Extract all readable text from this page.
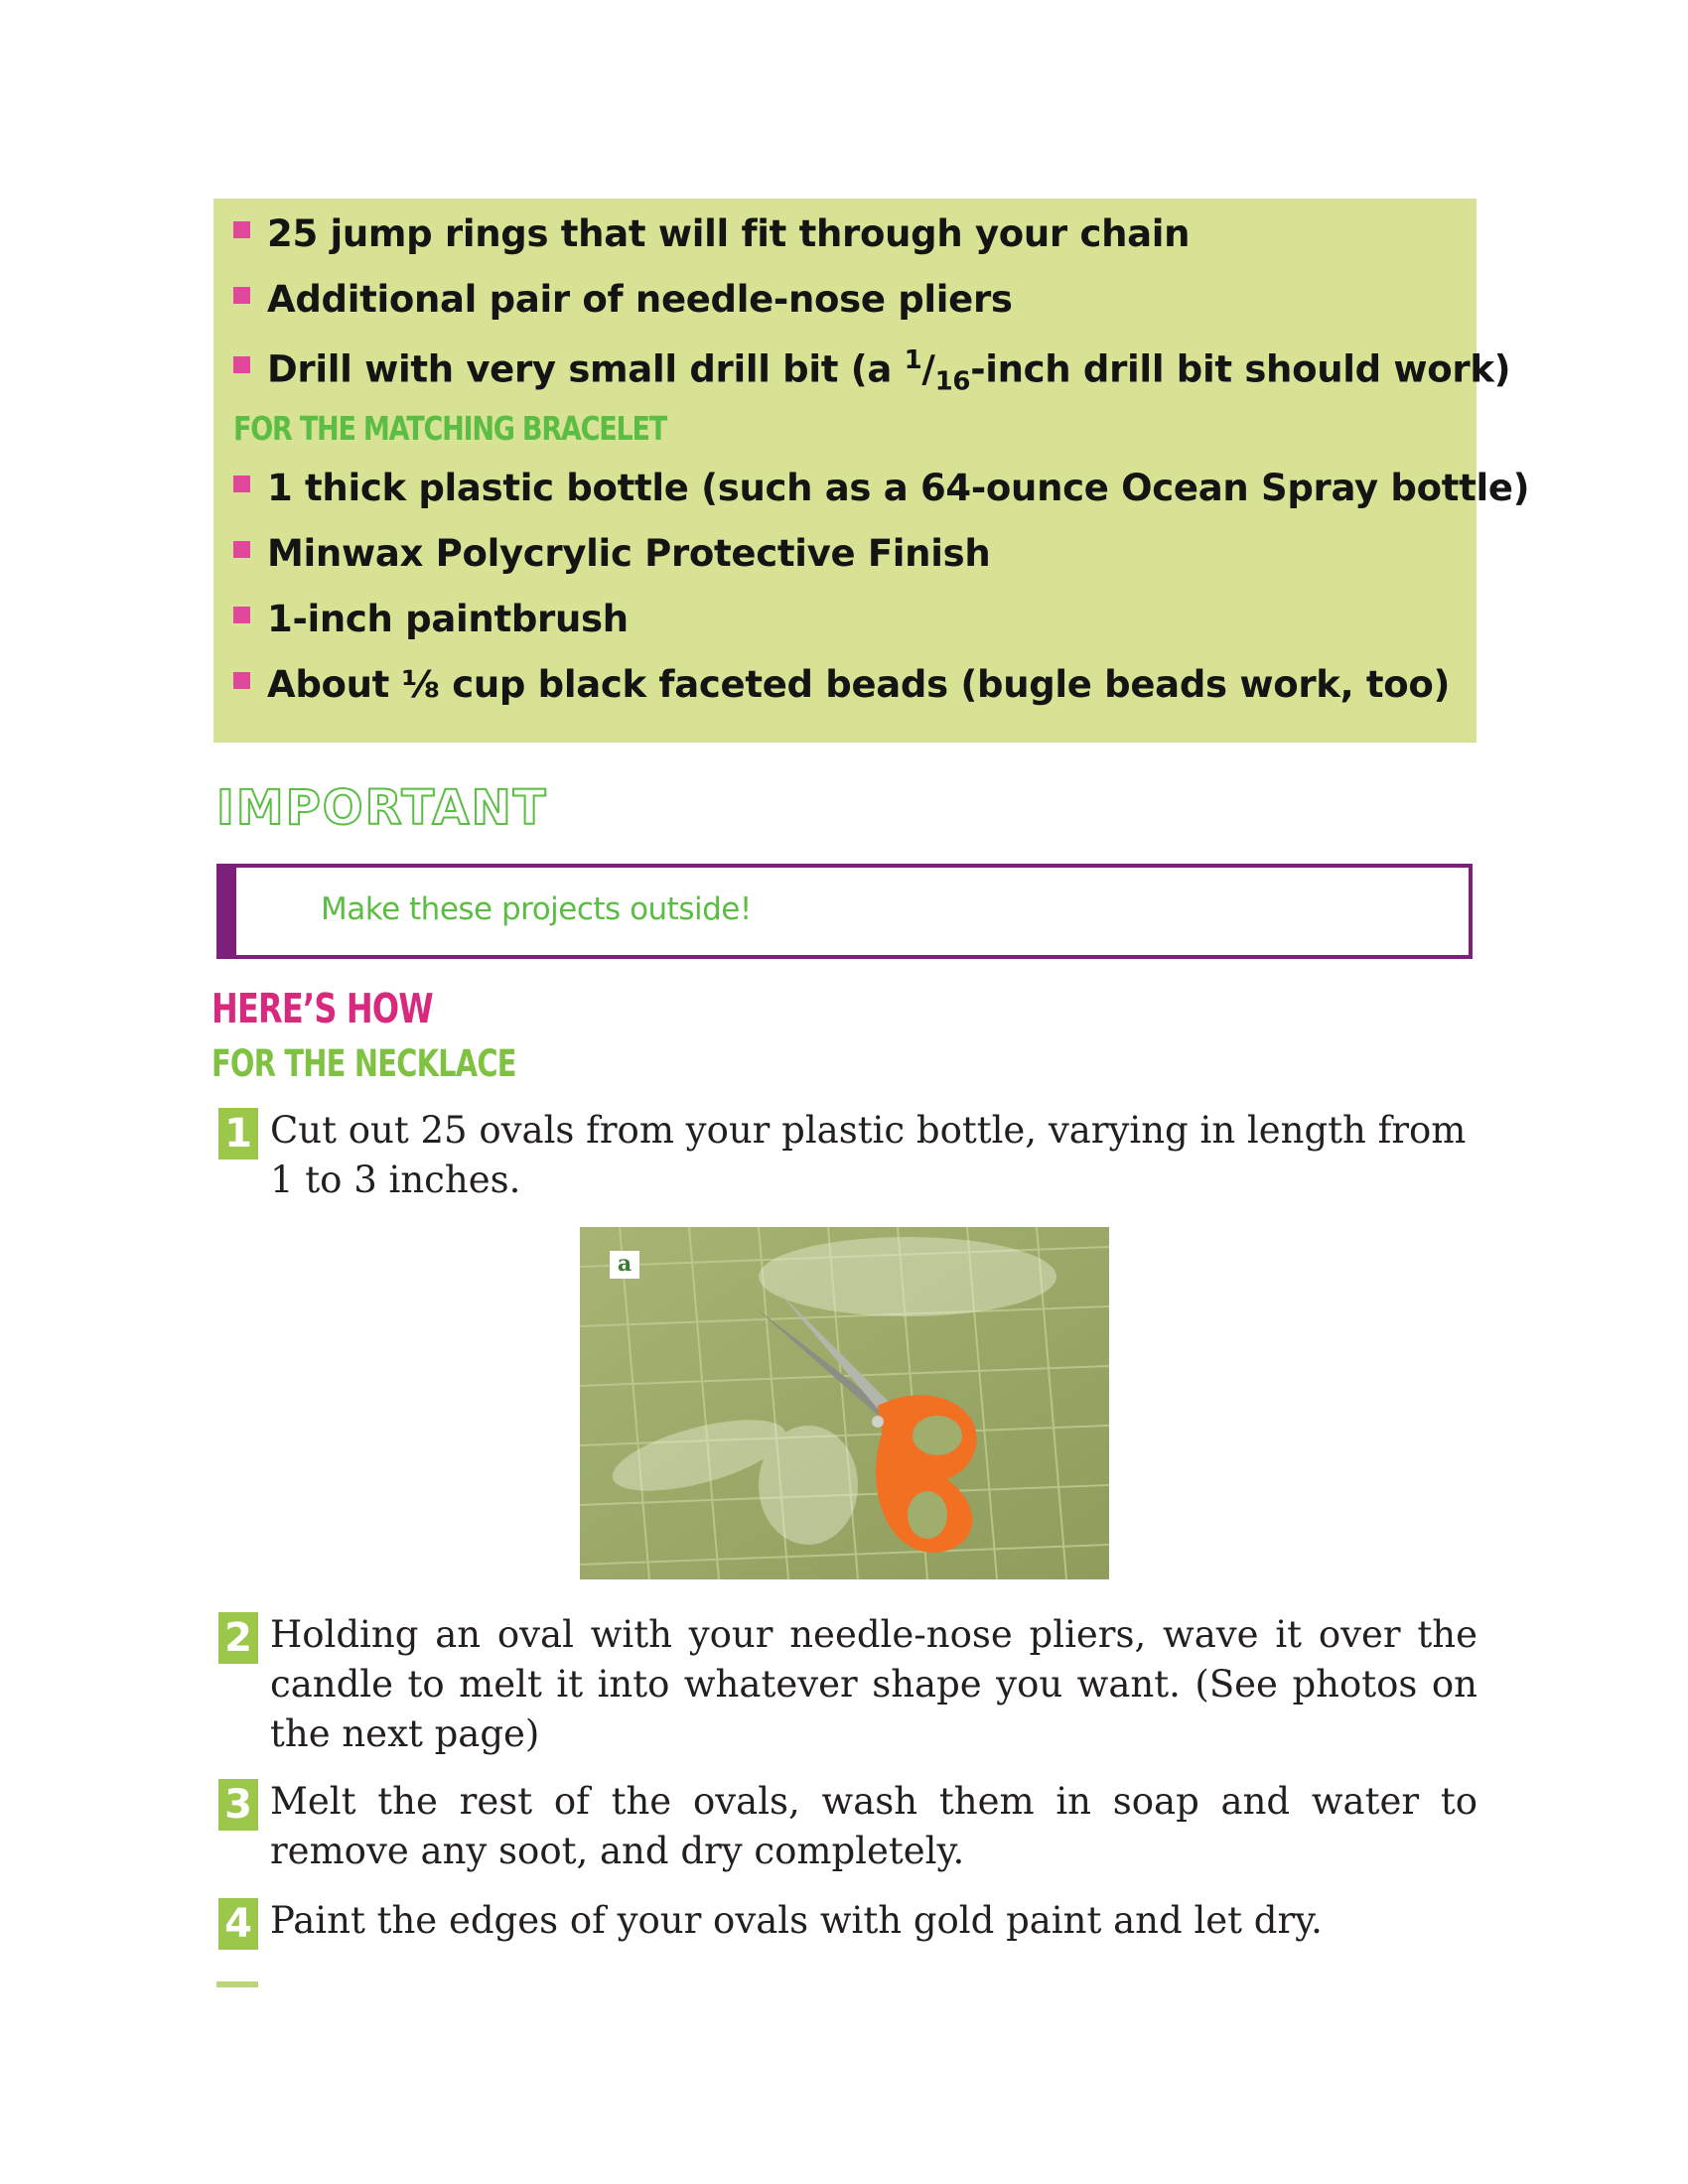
25 jump rings that will fit through your chain
Additional pair of needle-nose pliers
Drill with very small drill bit (a $^1/_{16}$-inch drill bit should work)
FOR THE MATCHING BRACELET
1 thick plastic bottle (such as a 64-ounce Ocean Spray bottle)
Minwax Polycrylic Protective Finish
1-inch paintbrush
About ⅛ cup black faceted beads (bugle beads work, too)
IMPORTANT
Make these projects outside!
HERE’S HOW
FOR THE NECKLACE
1 Cut out 25 ovals from your plastic bottle, varying in length from 1 to 3 inches.
a
2 Holding an oval with your needle-nose pliers, wave it over the candle to melt it into whatever shape you want. (See photos on the next page)
3 Melt the rest of the ovals, wash them in soap and water to remove any soot, and dry completely.
4 Paint the edges of your ovals with gold paint and let dry.
